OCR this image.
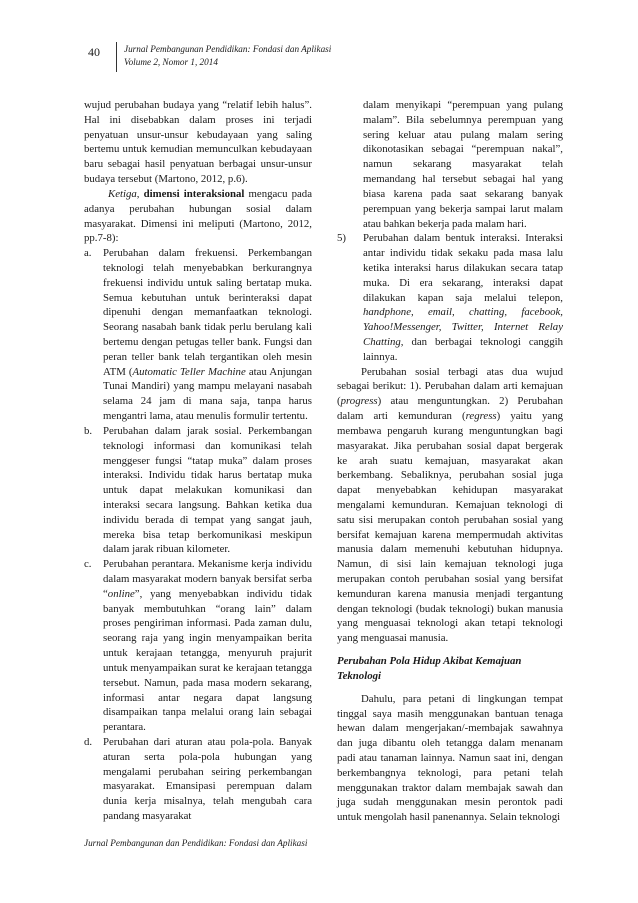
40	Jurnal Pembangunan Pendidikan: Fondasi dan Aplikasi
Volume 2, Nomor 1, 2014

wujud perubahan budaya yang “relatif lebih halus”. Hal ini disebabkan dalam proses ini terjadi penyatuan unsur-unsur kebudayaan yang saling bertemu untuk kemudian memunculkan kebudayaan baru sebagai hasil penyatuan berbagai unsur-unsur budaya tersebut (Martono, 2012, p.6).

Ketiga, dimensi interaksional mengacu pada adanya perubahan hubungan sosial dalam masyarakat. Dimensi ini meliputi (Martono, 2012, pp.7-8):

a.	Perubahan dalam frekuensi. Perkembangan teknologi telah menyebabkan berkurangnya frekuensi individu untuk saling bertatap muka. Semua kebutuhan untuk berinteraksi dapat dipenuhi dengan memanfaatkan teknologi. Seorang nasabah bank tidak perlu berulang kali bertemu dengan petugas teller bank. Fungsi dan peran teller bank telah tergantikan oleh mesin ATM (Automatic Teller Machine atau Anjungan Tunai Mandiri) yang mampu melayani nasabah selama 24 jam di mana saja, tanpa harus mengantri lama, atau menulis formulir tertentu.
b.	Perubahan dalam jarak sosial. Perkembangan teknologi informasi dan komunikasi telah menggeser fungsi “tatap muka” dalam proses interaksi. Individu tidak harus bertatap muka untuk dapat melakukan komunikasi dan interaksi secara langsung. Bahkan ketika dua individu berada di tempat yang sangat jauh, mereka bisa tetap berkomunikasi meskipun dalam jarak ribuan kilometer.
c.	Perubahan perantara. Mekanisme kerja individu dalam masyarakat modern banyak bersifat serba “online”, yang menyebabkan individu tidak banyak membutuhkan “orang lain” dalam proses pengiriman informasi. Pada zaman dulu, seorang raja yang ingin menyampaikan berita untuk kerajaan tetangga, menyuruh prajurit untuk menyampaikan surat ke kerajaan tetangga tersebut. Namun, pada masa modern sekarang, informasi antar negara dapat langsung disampaikan tanpa melalui orang lain sebagai perantara.
d.	Perubahan dari aturan atau pola-pola. Banyak aturan serta pola-pola hubungan yang mengalami perubahan seiring perkembangan masyarakat. Emansipasi perempuan dalam dunia kerja misalnya, telah mengubah cara pandang masyarakat

dalam menyikapi “perempuan yang pulang malam”. Bila sebelumnya perempuan yang sering keluar atau pulang malam sering dikonotasikan sebagai “perempuan nakal”, namun sekarang masyarakat telah memandang hal tersebut sebagai hal yang biasa karena pada saat sekarang banyak perempuan yang bekerja sampai larut malam atau bahkan bekerja pada malam hari.

5)	Perubahan dalam bentuk interaksi. Interaksi antar individu tidak sekaku pada masa lalu ketika interaksi harus dilakukan secara tatap muka. Di era sekarang, interaksi dapat dilakukan kapan saja melalui telepon, handphone, email, chatting, facebook, Yahoo!Messenger, Twitter, Internet Relay Chatting, dan berbagai teknologi canggih lainnya.

Perubahan sosial terbagi atas dua wujud sebagai berikut: 1). Perubahan dalam arti kemajuan (progress) atau menguntungkan. 2) Perubahan dalam arti kemunduran (regress) yaitu yang membawa pengaruh kurang menguntungkan bagi masyarakat. Jika perubahan sosial dapat bergerak ke arah suatu kemajuan, masyarakat akan berkembang. Sebaliknya, perubahan sosial juga dapat menyebabkan kehidupan masyarakat mengalami kemunduran. Kemajuan teknologi di satu sisi merupakan contoh perubahan sosial yang bersifat kemajuan karena mempermudah aktivitas manusia dalam memenuhi kebutuhan hidupnya. Namun, di sisi lain kemajuan teknologi juga merupakan contoh perubahan sosial yang bersifat kemunduran karena manusia menjadi tergantung dengan teknologi (budak teknologi) bukan manusia yang menguasai teknologi akan tetapi teknologi yang menguasai manusia.

Perubahan Pola Hidup Akibat Kemajuan Teknologi

Dahulu, para petani di lingkungan tempat tinggal saya masih menggunakan bantuan tenaga hewan dalam mengerjakan/-membajak sawahnya dan juga dibantu oleh tetangga dalam menanam padi atau tanaman lainnya. Namun saat ini, dengan berkembangnya teknologi, para petani telah menggunakan traktor dalam membajak sawah dan juga sudah menggunakan mesin perontok padi untuk mengolah hasil panenannya. Selain teknologi

Jurnal Pembangunan dan Pendidikan: Fondasi dan Aplikasi
